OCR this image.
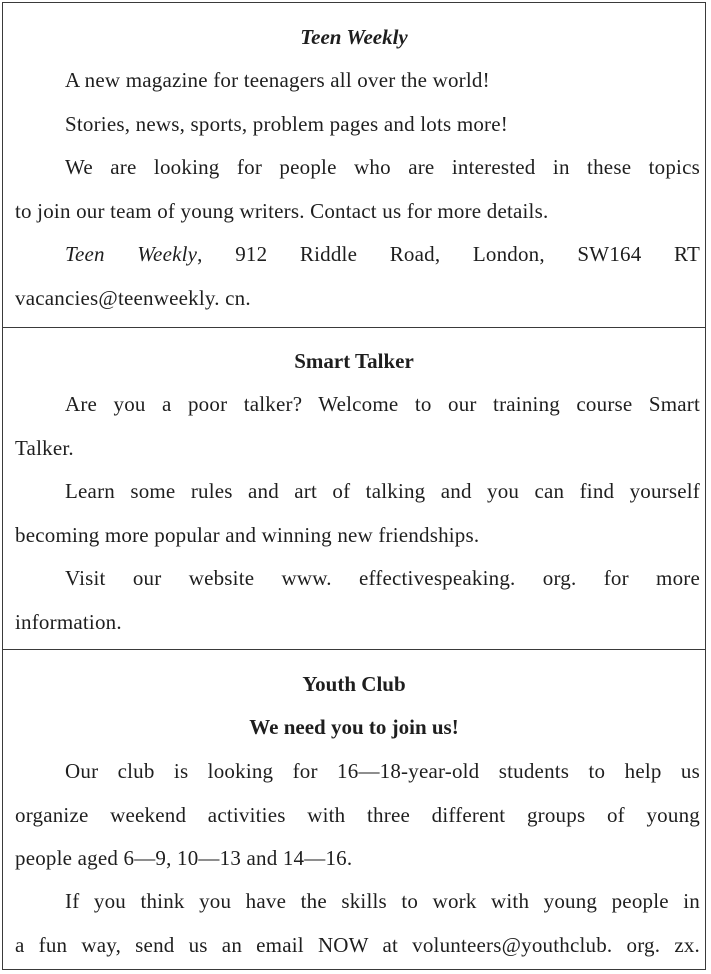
Teen Weekly
A new magazine for teenagers all over the world!
Stories, news, sports, problem pages and lots more!
We are looking for people who are interested in these topics
to join our team of young writers. Contact us for more details.
Teen Weekly, 912 Riddle Road, London, SW164 RT
vacancies@teenweekly. cn.
Smart Talker
Are you a poor talker? Welcome to our training course Smart
Talker.
Learn some rules and art of talking and you can find yourself
becoming more popular and winning new friendships.
Visit our website www. effectivespeaking. org. for more
information.
Youth Club
We need you to join us!
Our club is looking for 16—18-year-old students to help us
organize weekend activities with three different groups of young
people aged 6—9, 10—13 and 14—16.
If you think you have the skills to work with young people in
a fun way, send us an email NOW at volunteers@youthclub. org. zx.
